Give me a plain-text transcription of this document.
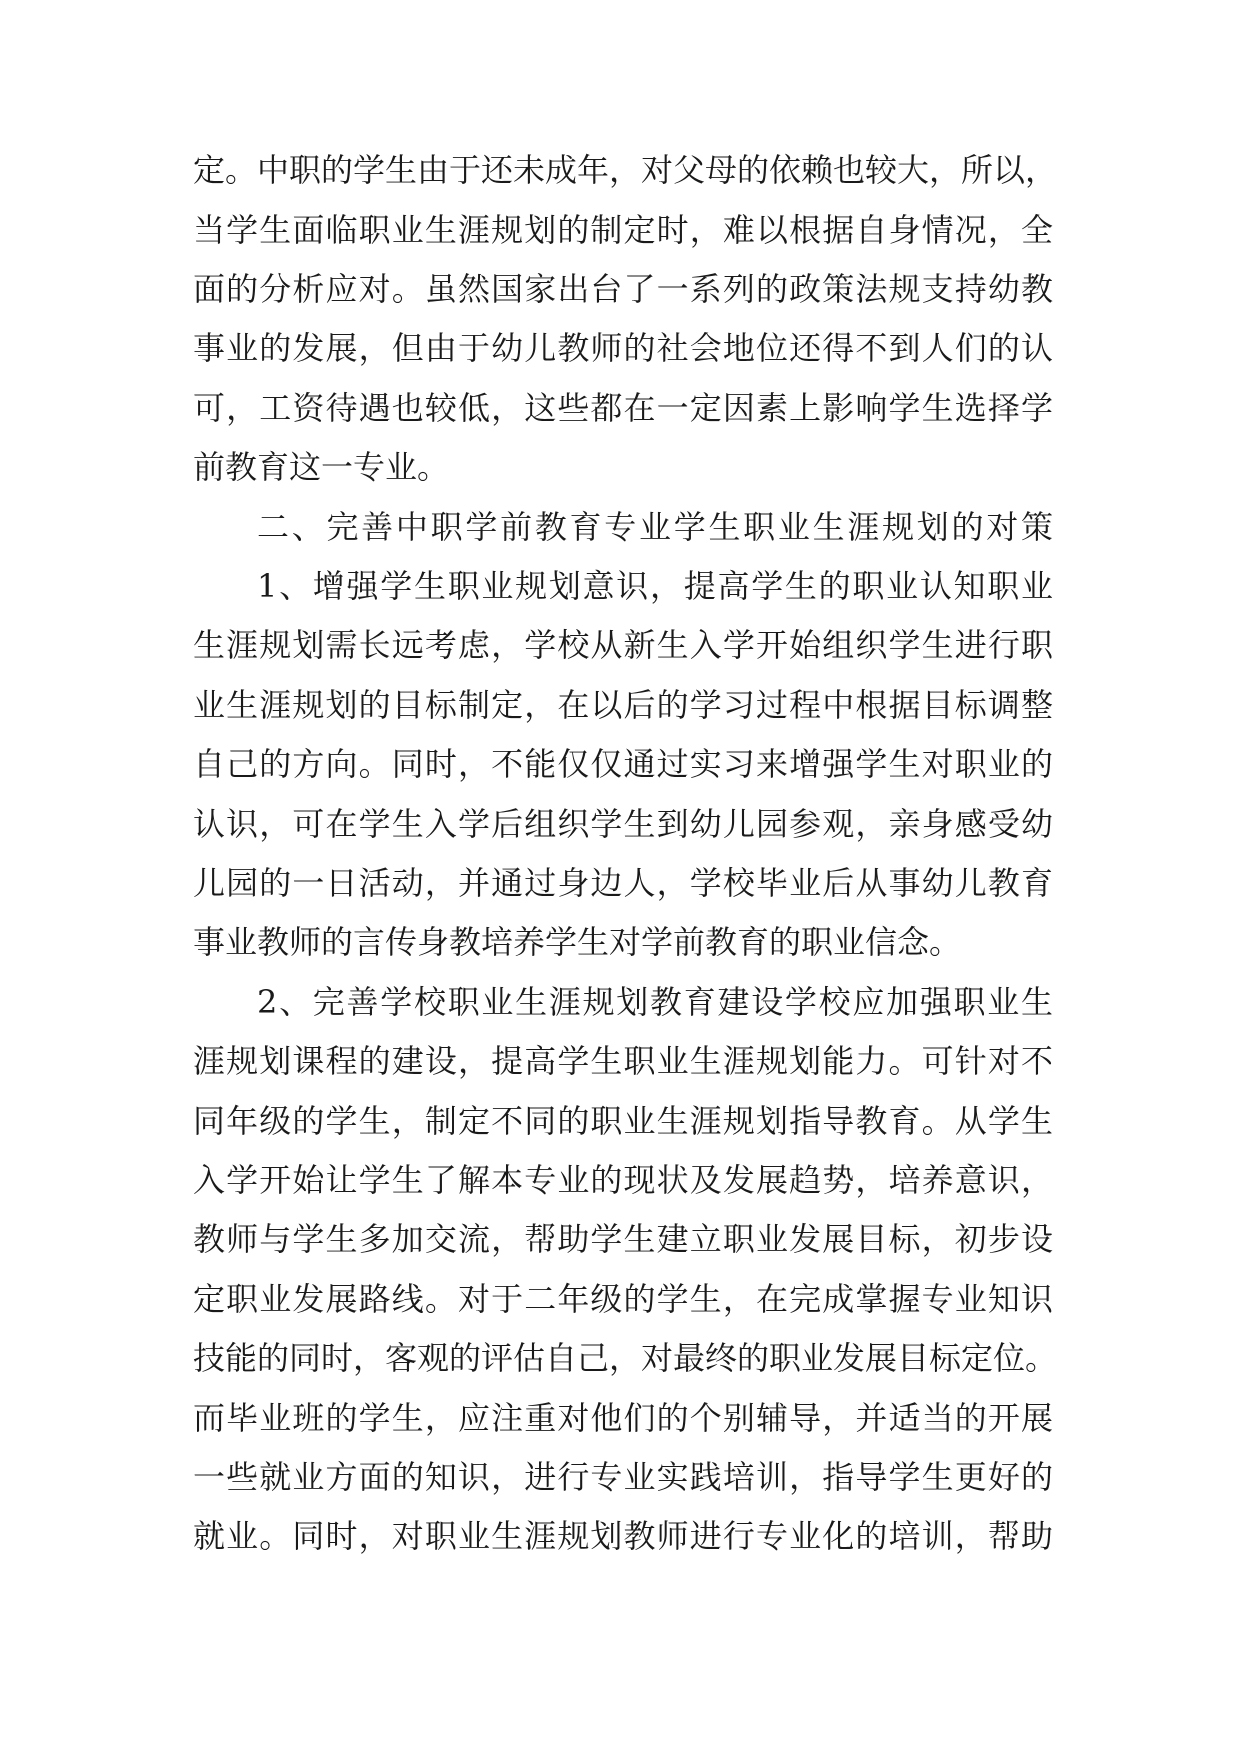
定。中职的学生由于还未成年，对父母的依赖也较大，所以，
当学生面临职业生涯规划的制定时，难以根据自身情况，全
面的分析应对。虽然国家出台了一系列的政策法规支持幼教
事业的发展，但由于幼儿教师的社会地位还得不到人们的认
可，工资待遇也较低，这些都在一定因素上影响学生选择学
前教育这一专业。
二、完善中职学前教育专业学生职业生涯规划的对策
1、增强学生职业规划意识，提高学生的职业认知职业
生涯规划需长远考虑，学校从新生入学开始组织学生进行职
业生涯规划的目标制定，在以后的学习过程中根据目标调整
自己的方向。同时，不能仅仅通过实习来增强学生对职业的
认识，可在学生入学后组织学生到幼儿园参观，亲身感受幼
儿园的一日活动，并通过身边人，学校毕业后从事幼儿教育
事业教师的言传身教培养学生对学前教育的职业信念。
2、完善学校职业生涯规划教育建设学校应加强职业生
涯规划课程的建设，提高学生职业生涯规划能力。可针对不
同年级的学生，制定不同的职业生涯规划指导教育。从学生
入学开始让学生了解本专业的现状及发展趋势，培养意识，
教师与学生多加交流，帮助学生建立职业发展目标，初步设
定职业发展路线。对于二年级的学生，在完成掌握专业知识
技能的同时，客观的评估自己，对最终的职业发展目标定位。
而毕业班的学生，应注重对他们的个别辅导，并适当的开展
一些就业方面的知识，进行专业实践培训，指导学生更好的
就业。同时，对职业生涯规划教师进行专业化的培训，帮助
